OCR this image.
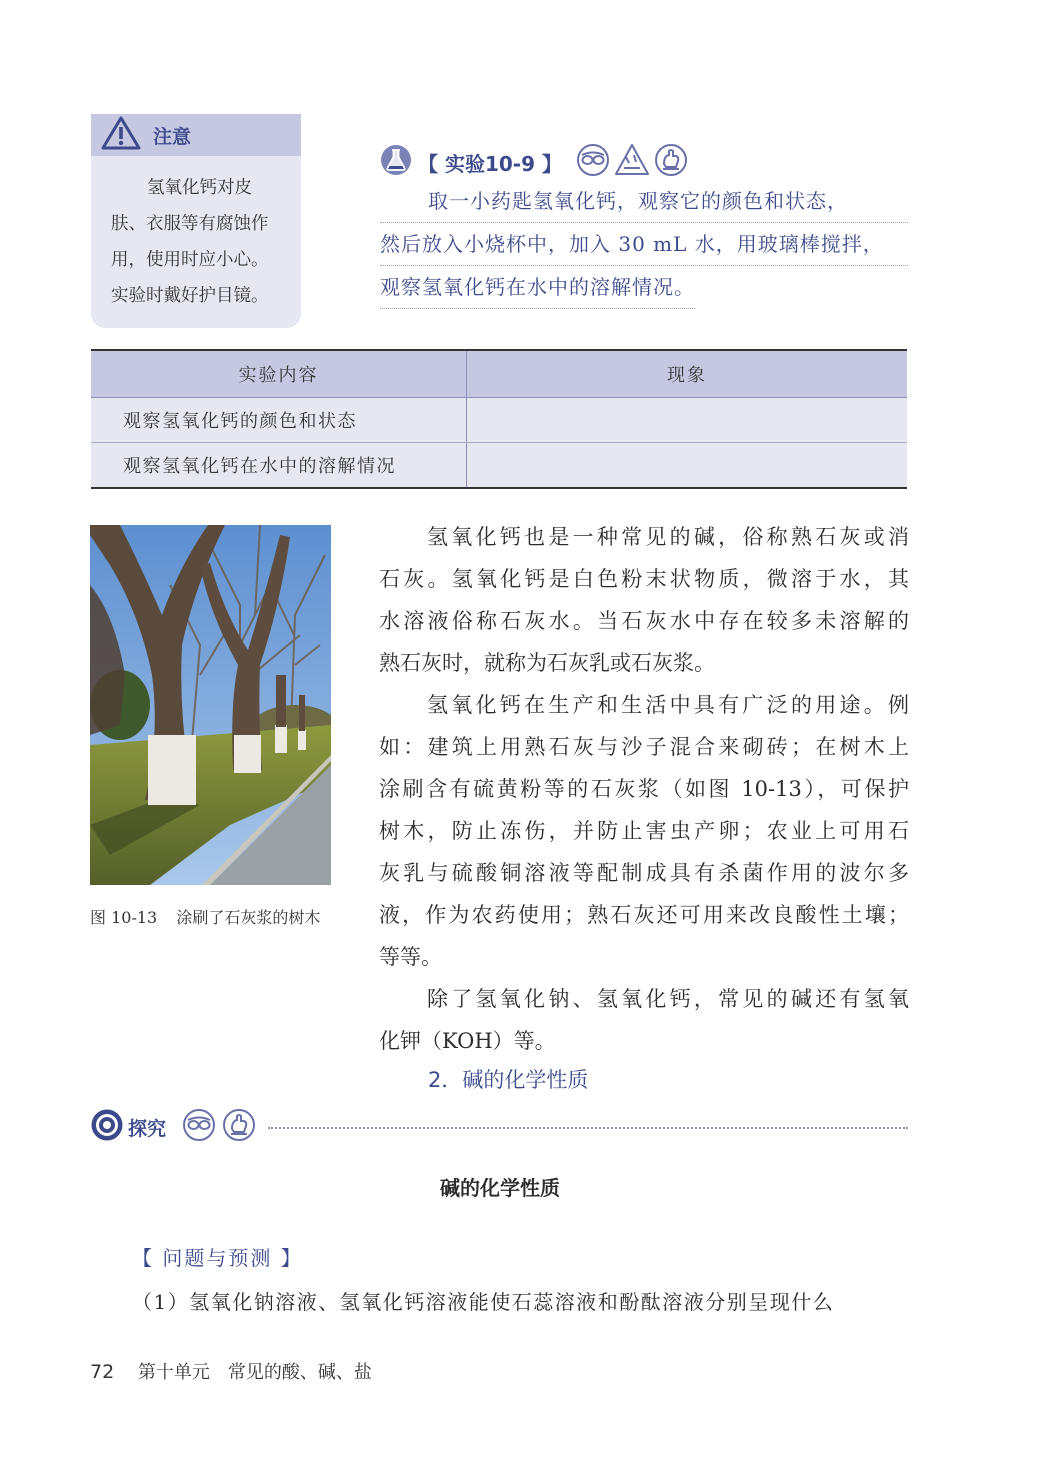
注意
氢氧化钙对皮
肤、衣服等有腐蚀作
用，使用时应小心。
实验时戴好护目镜。
【 实验10-9 】
取一小药匙氢氧化钙，观察它的颜色和状态，
然后放入小烧杯中，加入 30 mL 水，用玻璃棒搅拌，
观察氢氧化钙在水中的溶解情况。
实验内容	现象
观察氢氧化钙的颜色和状态	
观察氢氧化钙在水中的溶解情况	
图 10-13 涂刷了石灰浆的树木
氢氧化钙也是一种常见的碱，俗称熟石灰或消
石灰。氢氧化钙是白色粉末状物质，微溶于水，其
水溶液俗称石灰水。当石灰水中存在较多未溶解的
熟石灰时，就称为石灰乳或石灰浆。
氢氧化钙在生产和生活中具有广泛的用途。例
如：建筑上用熟石灰与沙子混合来砌砖；在树木上
涂刷含有硫黄粉等的石灰浆（如图 10-13），可保护
树木，防止冻伤，并防止害虫产卵；农业上可用石
灰乳与硫酸铜溶液等配制成具有杀菌作用的波尔多
液，作为农药使用；熟石灰还可用来改良酸性土壤；
等等。
除了氢氧化钠、氢氧化钙，常见的碱还有氢氧
化钾（KOH）等。
2．碱的化学性质
探究
碱的化学性质
【 问题与预测 】
（1）氢氧化钠溶液、氢氧化钙溶液能使石蕊溶液和酚酞溶液分别呈现什么
72 第十单元　常见的酸、碱、盐
